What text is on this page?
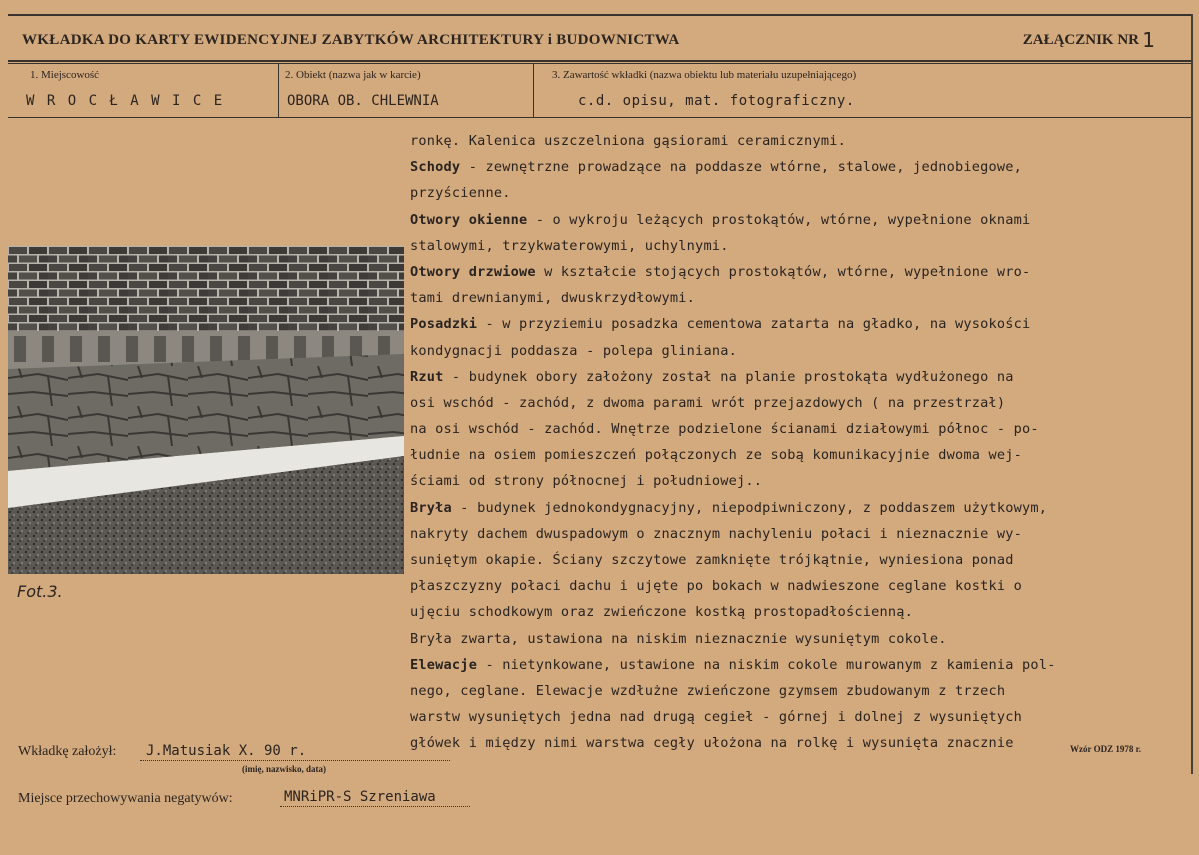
WKŁADKA DO KARTY EWIDENCYJNEJ ZABYTKÓW ARCHITEKTURY i BUDOWNICTWA	ZAŁĄCZNIK NR 1
1. Miejscowość
W R O C Ł A W I C E
2. Obiekt (nazwa jak w karcie)
OBORA OB. CHLEWNIA
3. Zawartość wkładki (nazwa obiektu lub materiału uzupełniającego)
c.d. opisu, mat. fotograficzny.
Fot.3.
ronkę. Kalenica uszczelniona gąsiorami ceramicznymi.
Schody - zewnętrzne prowadzące na poddasze wtórne, stalowe, jednobiegowe,
przyścienne.
Otwory okienne - o wykroju leżących prostokątów, wtórne, wypełnione oknami
stalowymi, trzykwaterowymi, uchylnymi.
Otwory drzwiowe w kształcie stojących prostokątów, wtórne, wypełnione wro-
tami drewnianymi, dwuskrzydłowymi.
Posadzki - w przyziemiu posadzka cementowa zatarta na gładko, na wysokości
kondygnacji poddasza - polepa gliniana.
Rzut - budynek obory założony został na planie prostokąta wydłużonego na
osi wschód - zachód, z dwoma parami wrót przejazdowych ( na przestrzał)
na osi wschód - zachód. Wnętrze podzielone ścianami działowymi północ - po-
łudnie na osiem pomieszczeń połączonych ze sobą komunikacyjnie dwoma wej-
ściami od strony północnej i południowej..
Bryła - budynek jednokondygnacyjny, niepodpiwniczony, z poddaszem użytkowym,
nakryty dachem dwuspadowym o znacznym nachyleniu połaci i nieznacznie wy-
suniętym okapie. Ściany szczytowe zamknięte trójkątnie, wyniesiona ponad
płaszczyzny połaci dachu i ujęte po bokach w nadwieszone ceglane kostki o
ujęciu schodkowym oraz zwieńczone kostką prostopadłościenną.
Bryła zwarta, ustawiona na niskim nieznacznie wysuniętym cokole.
Elewacje - nietynkowane, ustawione na niskim cokole murowanym z kamienia pol-
nego, ceglane. Elewacje wzdłużne zwieńczone gzymsem zbudowanym z trzech
warstw wysuniętych jedna nad drugą cegieł - górnej i dolnej z wysuniętych
główek i między nimi warstwa cegły ułożona na rolkę i wysunięta znacznie
Wkładkę założył: J.Matusiak X. 90 r.
(imię, nazwisko, data)
Wzór ODZ 1978 r.
Miejsce przechowywania negatywów:	MNRiPR-S Szreniawa
